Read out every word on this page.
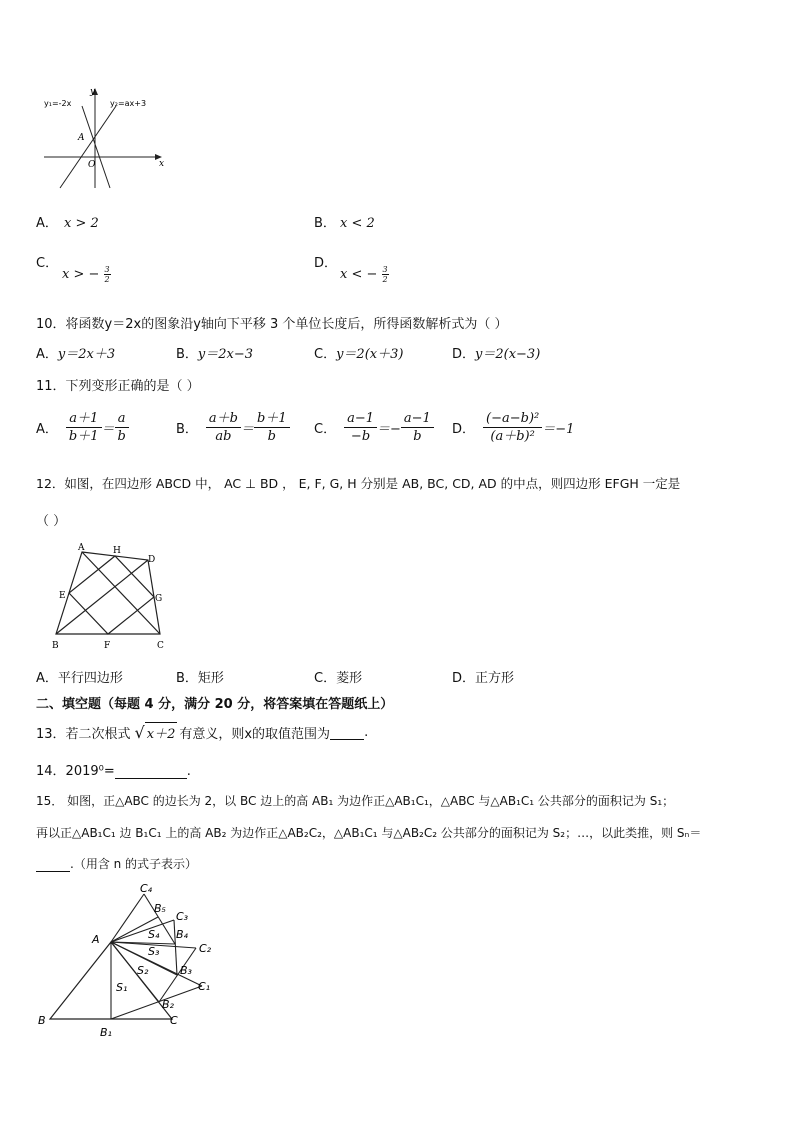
y₁=-2x	y₂=ax+3
y
x
A
O
A． x > 2	B． x < 2
C．
x > − $\frac{3}{2}$
D．
x < − $\frac{3}{2}$
10．将函数y＝2x的图象沿y轴向下平移 3 个单位长度后，所得函数解析式为（ ）
A．y＝2x＋3	B．y＝2x−3	C．y＝2(x＋3)	D．y＝2(x−3)
11．下列变形正确的是（ ）
A． $\frac{a+1}{b+1} = \frac{a}{b}$	B． $\frac{a+b}{ab} = \frac{b+1}{b}$ C． $\frac{a-1}{-b} =- \frac{a-1}{b}$ D． $\frac{\text{(−a−b)²}}{\text{(a＋b)²}} =-1$
12．如图，在四边形 ABCD 中， AC ⊥ BD ， E, F, G, H 分别是 AB, BC, CD, AD 的中点，则四边形 EFGH 一定是
（ ）
A	H
D
E	G
B	F	C
A．平行四边形	B．矩形	C．菱形	D．正方形
二、填空题（每题 4 分，满分 20 分，将答案填在答题纸上）
13．若二次根式 √ x＋2 有意义，则x的取值范围为	.
14．2019⁰=	.
15． 如图，正△ABC 的边长为 2，以 BC 边上的高 AB₁ 为边作正△AB₁C₁，△ABC 与△AB₁C₁ 公共部分的面积记为 S₁；
再以正△AB₁C₁ 边 B₁C₁ 上的高 AB₂ 为边作正△AB₂C₂，△AB₁C₁ 与△AB₂C₂ 公共部分的面积记为 S₂；…，以此类推，则 Sₙ＝
.（用含 n 的式子表示）
A
B	C
B₁
C₁
B₂
C₂
B₃
C₃
B₄
C₄
B₅
S₁
S₂
S₃
S₄
